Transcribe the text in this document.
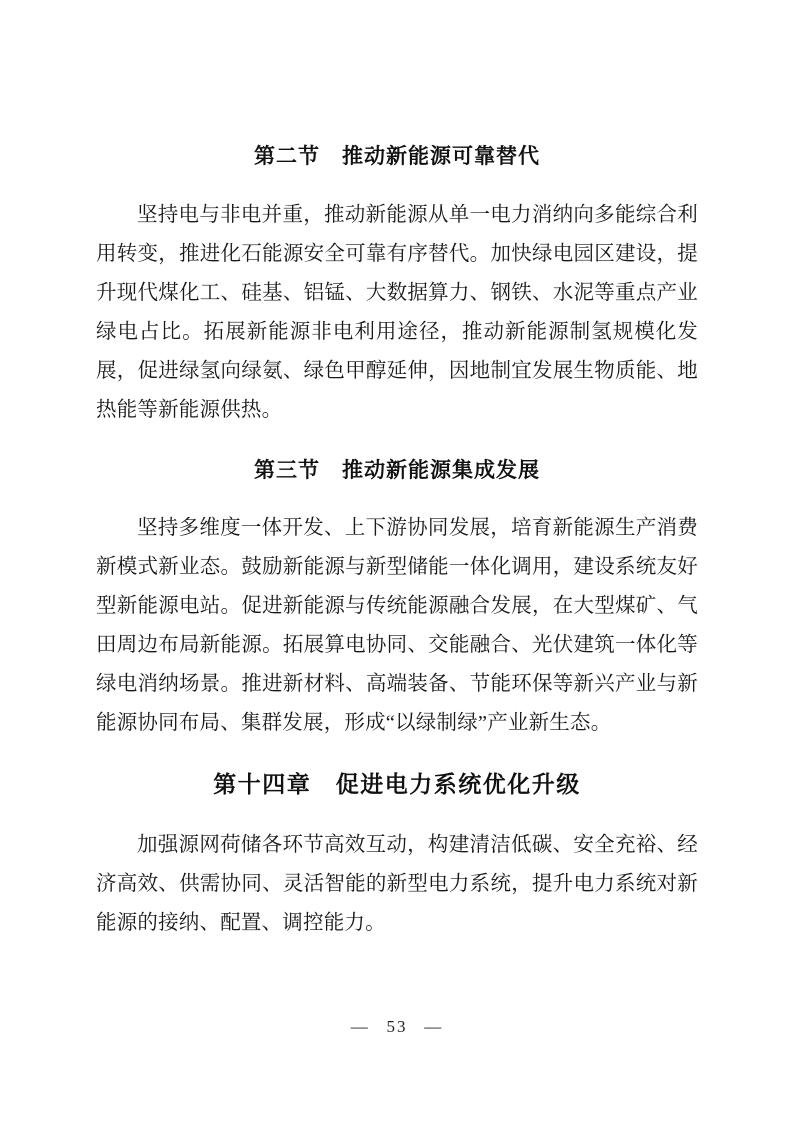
第二节　推动新能源可靠替代

坚持电与非电并重，推动新能源从单一电力消纳向多能综合利用转变，推进化石能源安全可靠有序替代。加快绿电园区建设，提升现代煤化工、硅基、铝锰、大数据算力、钢铁、水泥等重点产业绿电占比。拓展新能源非电利用途径，推动新能源制氢规模化发展，促进绿氢向绿氨、绿色甲醇延伸，因地制宜发展生物质能、地热能等新能源供热。

第三节　推动新能源集成发展

坚持多维度一体开发、上下游协同发展，培育新能源生产消费新模式新业态。鼓励新能源与新型储能一体化调用，建设系统友好型新能源电站。促进新能源与传统能源融合发展，在大型煤矿、气田周边布局新能源。拓展算电协同、交能融合、光伏建筑一体化等绿电消纳场景。推进新材料、高端装备、节能环保等新兴产业与新能源协同布局、集群发展，形成“以绿制绿”产业新生态。

第十四章　促进电力系统优化升级

加强源网荷储各环节高效互动，构建清洁低碳、安全充裕、经济高效、供需协同、灵活智能的新型电力系统，提升电力系统对新能源的接纳、配置、调控能力。

— 53 —
